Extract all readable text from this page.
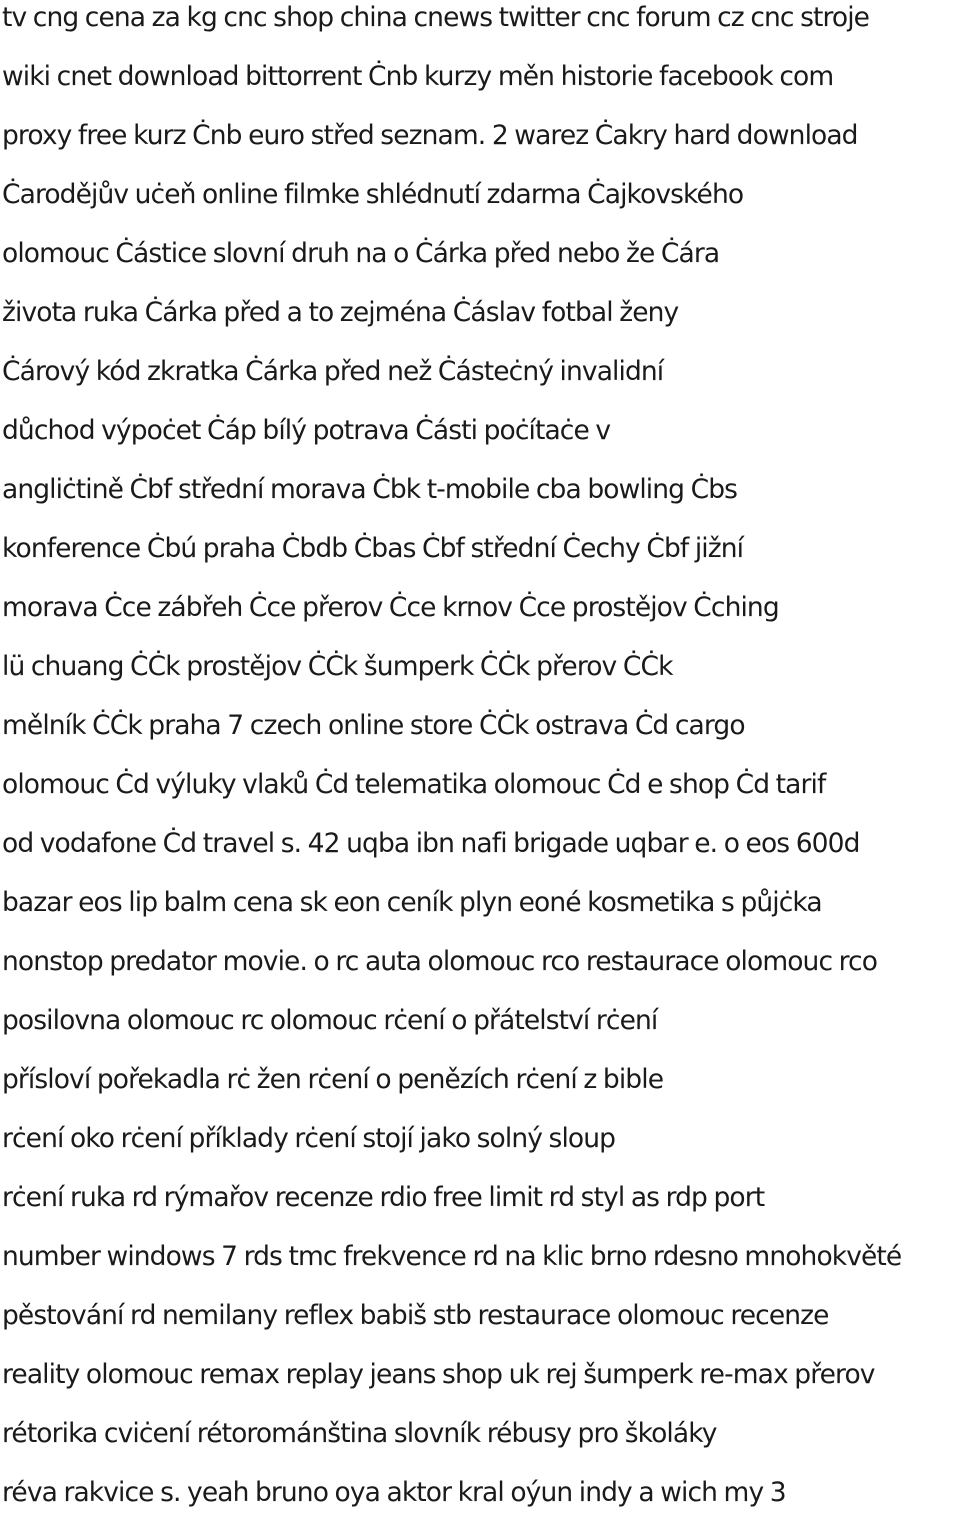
tv cng cena za kg cnc shop china cnews twitter cnc forum cz cnc stroje
wiki cnet download bittorrent Ċnb kurzy měn historie facebook com
proxy free kurz Ċnb euro střed seznam. 2 warez Ċakry hard download
Ċarodějův uċeň online filmke shlédnutí zdarma Ċajkovského
olomouc Ċástice slovní druh na o Ċárka před nebo že Ċára
života ruka Ċárka před a to zejména Ċáslav fotbal ženy
Ċárový kód zkratka Ċárka před než Ċásteċný invalidní
důchod výpoċet Ċáp bílý potrava Ċásti poċítaċe v
angliċtině Ċbf střední morava Ċbk t-mobile cba bowling Ċbs
konference Ċbú praha Ċbdb Ċbas Ċbf střední Ċechy Ċbf jižní
morava Ċce zábřeh Ċce přerov Ċce krnov Ċce prostějov Ċching
lü chuang ĊĊk prostějov ĊĊk šumperk ĊĊk přerov ĊĊk
mělník ĊĊk praha 7 czech online store ĊĊk ostrava Ċd cargo
olomouc Ċd výluky vlaků Ċd telematika olomouc Ċd e shop Ċd tarif
od vodafone Ċd travel s. 42 uqba ibn nafi brigade uqbar e. o eos 600d
bazar eos lip balm cena sk eon ceník plyn eoné kosmetika s půjċka
nonstop predator movie. o rc auta olomouc rco restaurace olomouc rco
posilovna olomouc rc olomouc rċení o přátelství rċení
přísloví pořekadla rċ žen rċení o penězích rċení z bible
rċení oko rċení příklady rċení stojí jako solný sloup
rċení ruka rd rýmařov recenze rdio free limit rd styl as rdp port
number windows 7 rds tmc frekvence rd na klic brno rdesno mnohokvěté
pěstování rd nemilany reflex babiš stb restaurace olomouc recenze
reality olomouc remax replay jeans shop uk rej šumperk re-max přerov
rétorika cviċení rétorománština slovník rébusy pro školáky
réva rakvice s. yeah bruno oya aktor kral oýun indy a wich my 3
